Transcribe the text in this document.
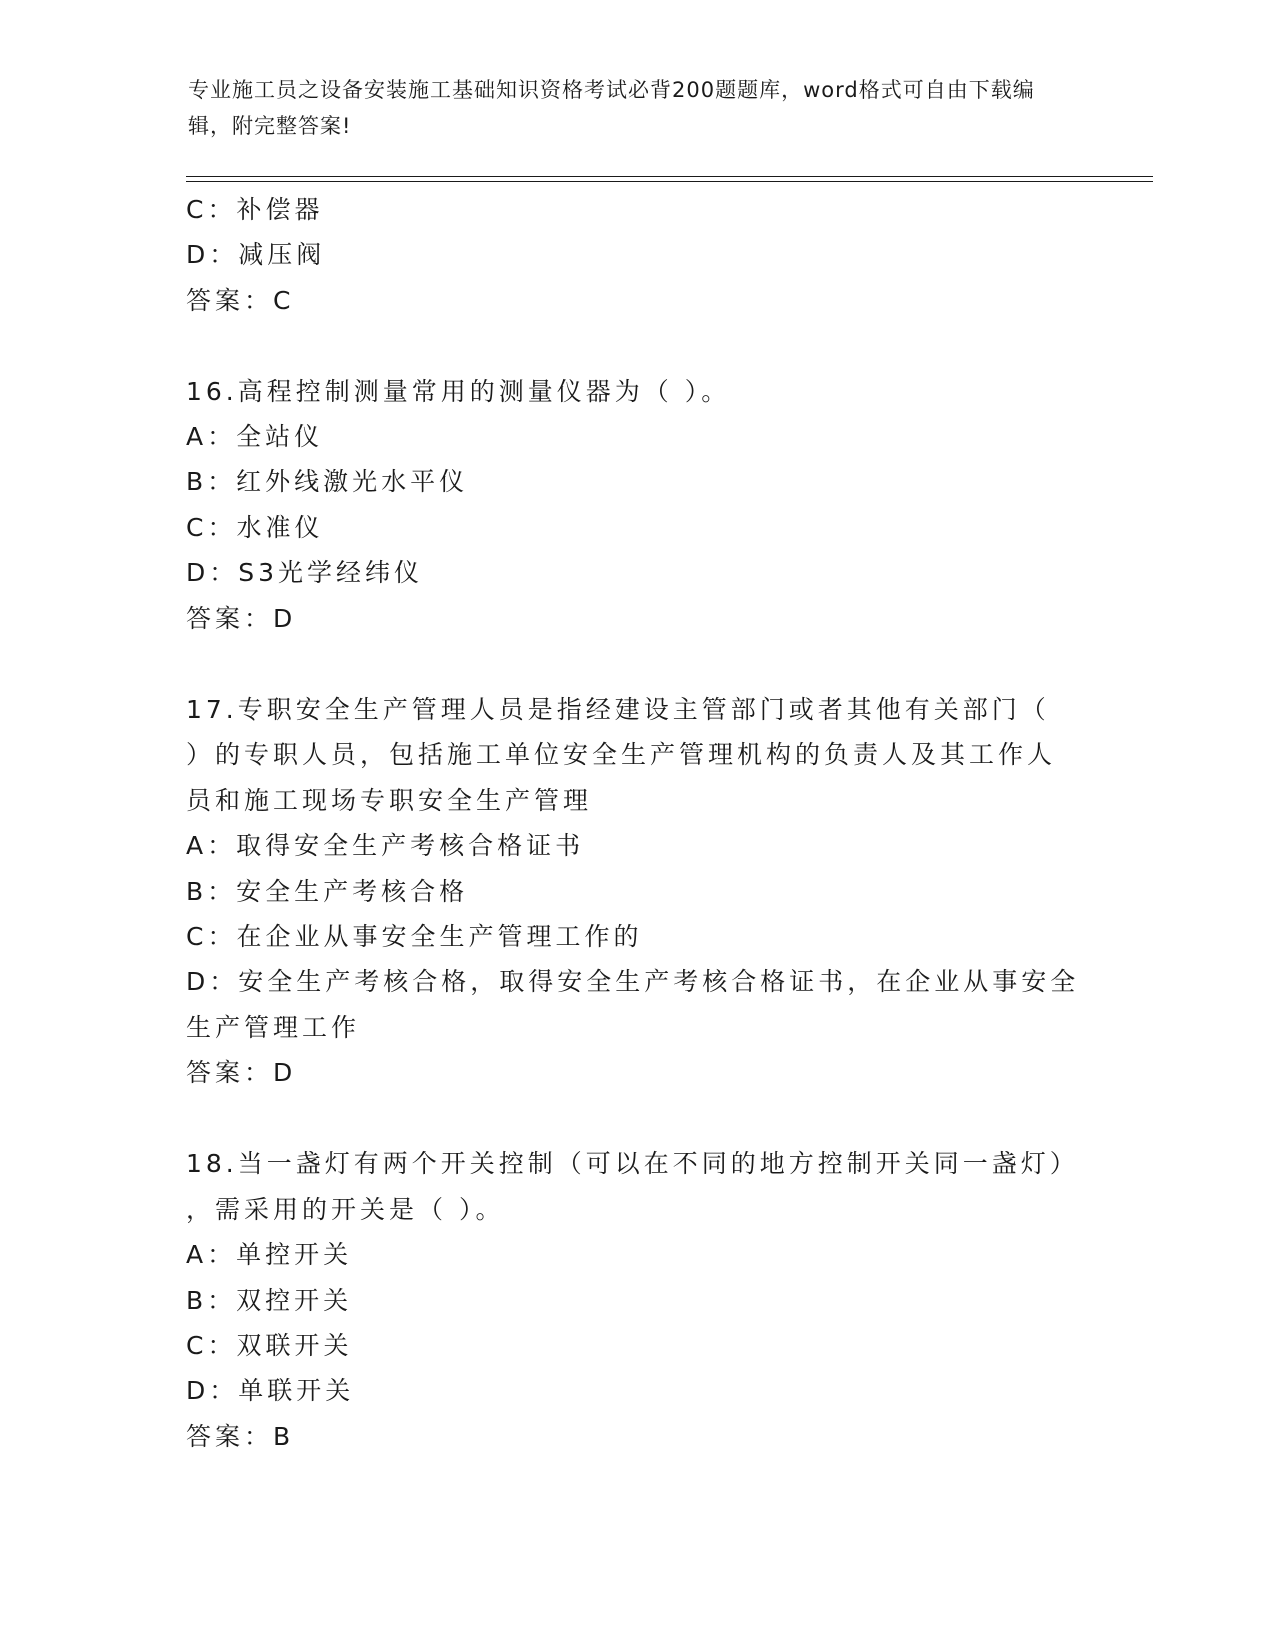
专业施工员之设备安装施工基础知识资格考试必背200题题库，word格式可自由下载编辑，附完整答案!
C：补偿器
D：减压阀
答案：C
16.高程控制测量常用的测量仪器为（ ）。
A：全站仪
B：红外线激光水平仪
C：水准仪
D：S3光学经纬仪
答案：D
17.专职安全生产管理人员是指经建设主管部门或者其他有关部门（
）的专职人员，包括施工单位安全生产管理机构的负责人及其工作人
员和施工现场专职安全生产管理
A：取得安全生产考核合格证书
B：安全生产考核合格
C：在企业从事安全生产管理工作的
D：安全生产考核合格，取得安全生产考核合格证书，在企业从事安全
生产管理工作
答案：D
18.当一盏灯有两个开关控制（可以在不同的地方控制开关同一盏灯）
，需采用的开关是（ ）。
A：单控开关
B：双控开关
C：双联开关
D：单联开关
答案：B
